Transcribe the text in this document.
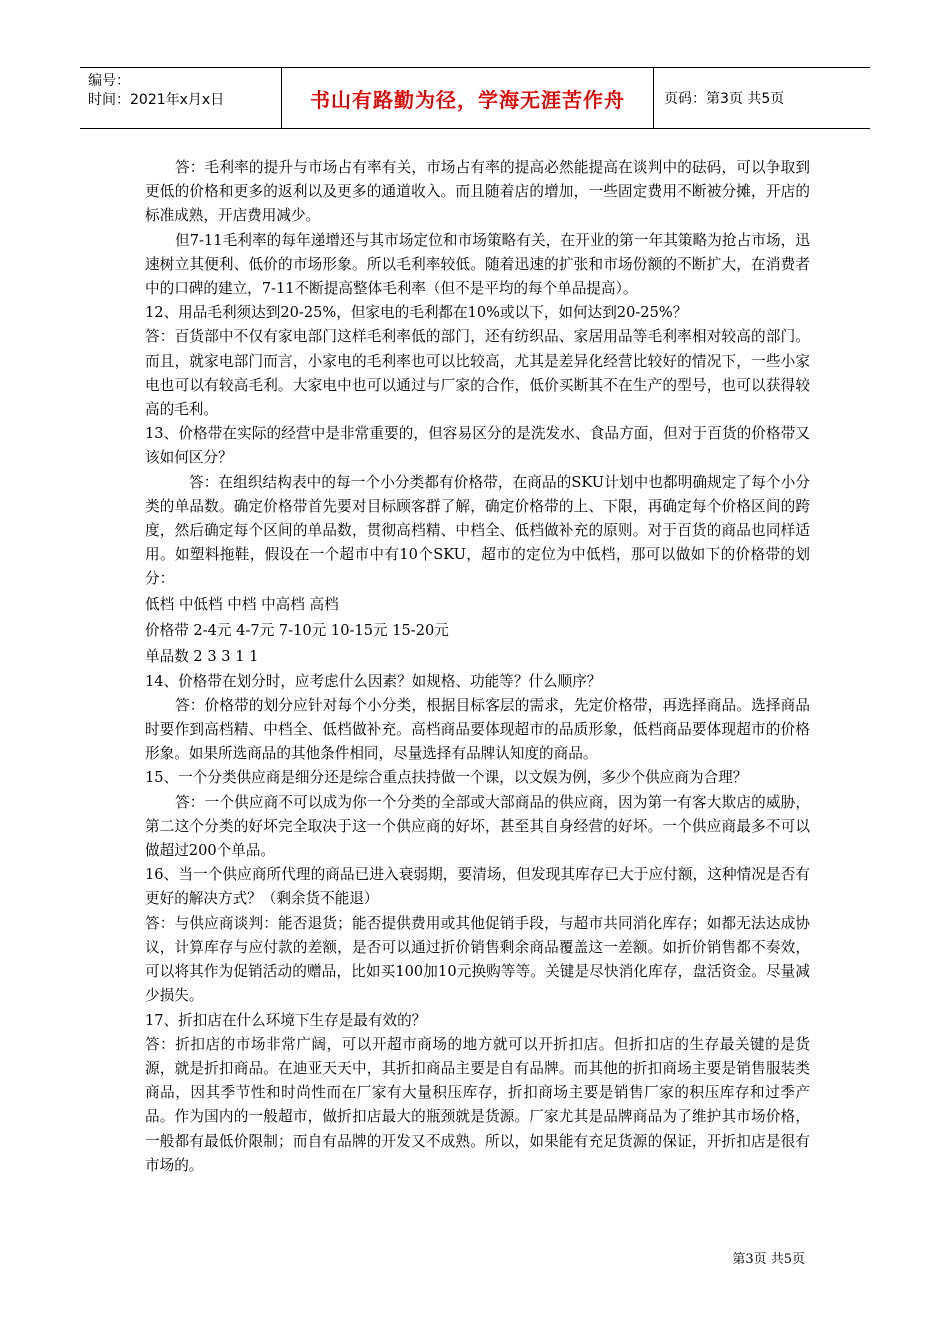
编号：
时间：2021年x月x日	书山有路勤为径，学海无涯苦作舟	页码：第3页 共5页

答：毛利率的提升与市场占有率有关，市场占有率的提高必然能提高在谈判中的砝码，可以争取到更低的价格和更多的返利以及更多的通道收入。而且随着店的增加，一些固定费用不断被分摊，开店的标准成熟，开店费用减少。

但7-11毛利率的每年递增还与其市场定位和市场策略有关，在开业的第一年其策略为抢占市场，迅速树立其便利、低价的市场形象。所以毛利率较低。随着迅速的扩张和市场份额的不断扩大，在消费者中的口碑的建立，7-11不断提高整体毛利率（但不是平均的每个单品提高）。

12、用品毛利须达到20-25%，但家电的毛利都在10%或以下，如何达到20-25%？

答：百货部中不仅有家电部门这样毛利率低的部门，还有纺织品、家居用品等毛利率相对较高的部门。而且，就家电部门而言，小家电的毛利率也可以比较高，尤其是差异化经营比较好的情况下，一些小家电也可以有较高毛利。大家电中也可以通过与厂家的合作，低价买断其不在生产的型号，也可以获得较高的毛利。

13、价格带在实际的经营中是非常重要的，但容易区分的是洗发水、食品方面，但对于百货的价格带又该如何区分？

答：在组织结构表中的每一个小分类都有价格带，在商品的SKU计划中也都明确规定了每个小分类的单品数。确定价格带首先要对目标顾客群了解，确定价格带的上、下限，再确定每个价格区间的跨度，然后确定每个区间的单品数，贯彻高档精、中档全、低档做补充的原则。对于百货的商品也同样适用。如塑料拖鞋，假设在一个超市中有10个SKU，超市的定位为中低档，那可以做如下的价格带的划分：

低档 中低档 中档 中高档 高档

价格带 2-4元 4-7元 7-10元 10-15元 15-20元

单品数 2 3 3 1 1

14、价格带在划分时，应考虑什么因素？如规格、功能等？什么顺序？

答：价格带的划分应针对每个小分类，根据目标客层的需求，先定价格带，再选择商品。选择商品时要作到高档精、中档全、低档做补充。高档商品要体现超市的品质形象，低档商品要体现超市的价格形象。如果所选商品的其他条件相同，尽量选择有品牌认知度的商品。

15、一个分类供应商是细分还是综合重点扶持做一个课，以文娱为例，多少个供应商为合理？

答：一个供应商不可以成为你一个分类的全部或大部商品的供应商，因为第一有客大欺店的威胁，第二这个分类的好坏完全取决于这一个供应商的好坏，甚至其自身经营的好坏。一个供应商最多不可以做超过200个单品。

16、当一个供应商所代理的商品已进入衰弱期，要清场，但发现其库存已大于应付额，这种情况是否有更好的解决方式？（剩余货不能退）

答：与供应商谈判：能否退货；能否提供费用或其他促销手段，与超市共同消化库存；如都无法达成协议，计算库存与应付款的差额，是否可以通过折价销售剩余商品覆盖这一差额。如折价销售都不奏效，可以将其作为促销活动的赠品，比如买100加10元换购等等。关键是尽快消化库存，盘活资金。尽量减少损失。

17、折扣店在什么环境下生存是最有效的？

答：折扣店的市场非常广阔，可以开超市商场的地方就可以开折扣店。但折扣店的生存最关键的是货源，就是折扣商品。在迪亚天天中，其折扣商品主要是自有品牌。而其他的折扣商场主要是销售服装类商品，因其季节性和时尚性而在厂家有大量积压库存，折扣商场主要是销售厂家的积压库存和过季产品。作为国内的一般超市，做折扣店最大的瓶颈就是货源。厂家尤其是品牌商品为了维护其市场价格，一般都有最低价限制；而自有品牌的开发又不成熟。所以，如果能有充足货源的保证，开折扣店是很有市场的。

第3页 共5页
